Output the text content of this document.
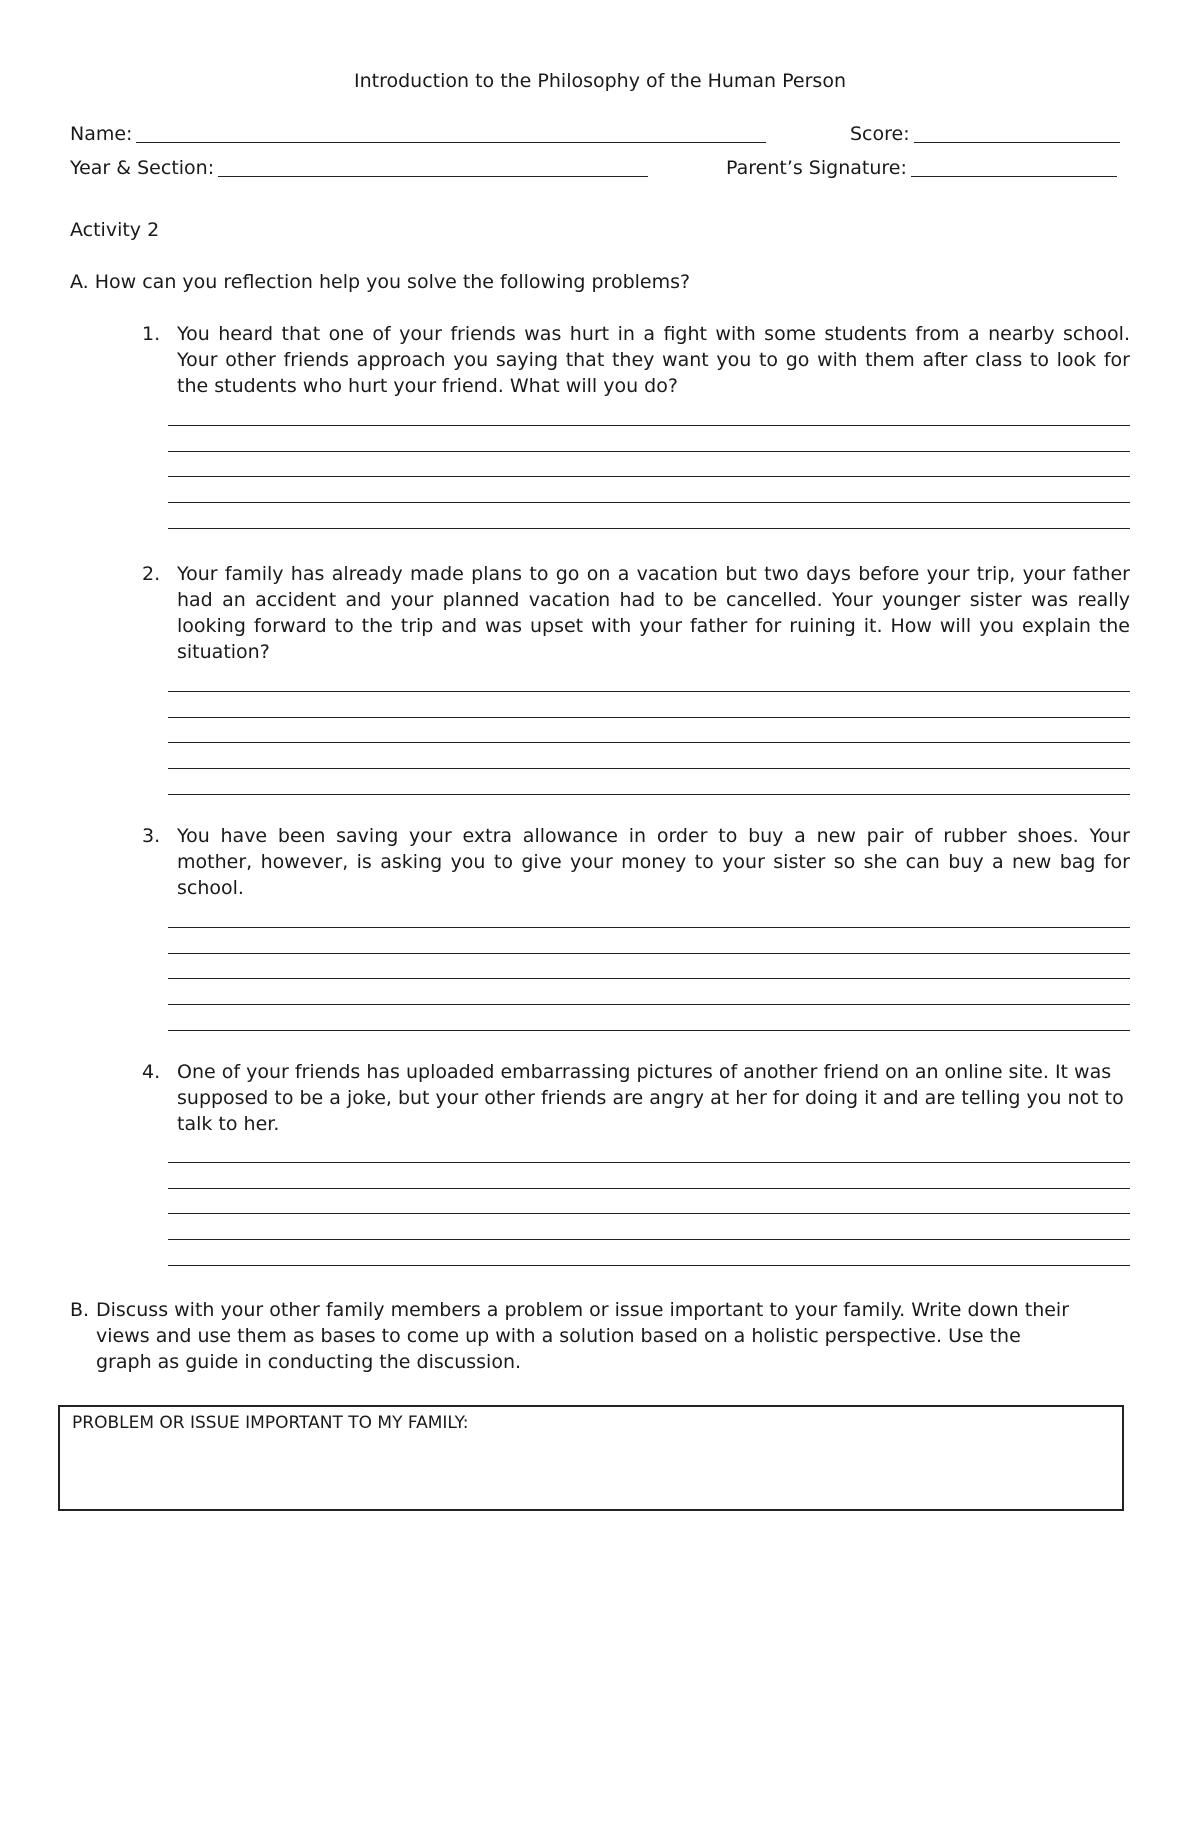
Introduction to the Philosophy of the Human Person
Name:	Score:
Year & Section:	Parent’s Signature:
Activity 2
A. How can you reflection help you solve the following problems?
1. You heard that one of your friends was hurt in a fight with some students from a nearby school. Your other friends approach you saying that they want you to go with them after class to look for the students who hurt your friend. What will you do?
2. Your family has already made plans to go on a vacation but two days before your trip, your father had an accident and your planned vacation had to be cancelled. Your younger sister was really looking forward to the trip and was upset with your father for ruining it. How will you explain the situation?
3. You have been saving your extra allowance in order to buy a new pair of rubber shoes. Your mother, however, is asking you to give your money to your sister so she can buy a new bag for school.
4. One of your friends has uploaded embarrassing pictures of another friend on an online site. It was supposed to be a joke, but your other friends are angry at her for doing it and are telling you not to talk to her.
B. Discuss with your other family members a problem or issue important to your family. Write down their views and use them as bases to come up with a solution based on a holistic perspective. Use the graph as guide in conducting the discussion.
PROBLEM OR ISSUE IMPORTANT TO MY FAMILY:
